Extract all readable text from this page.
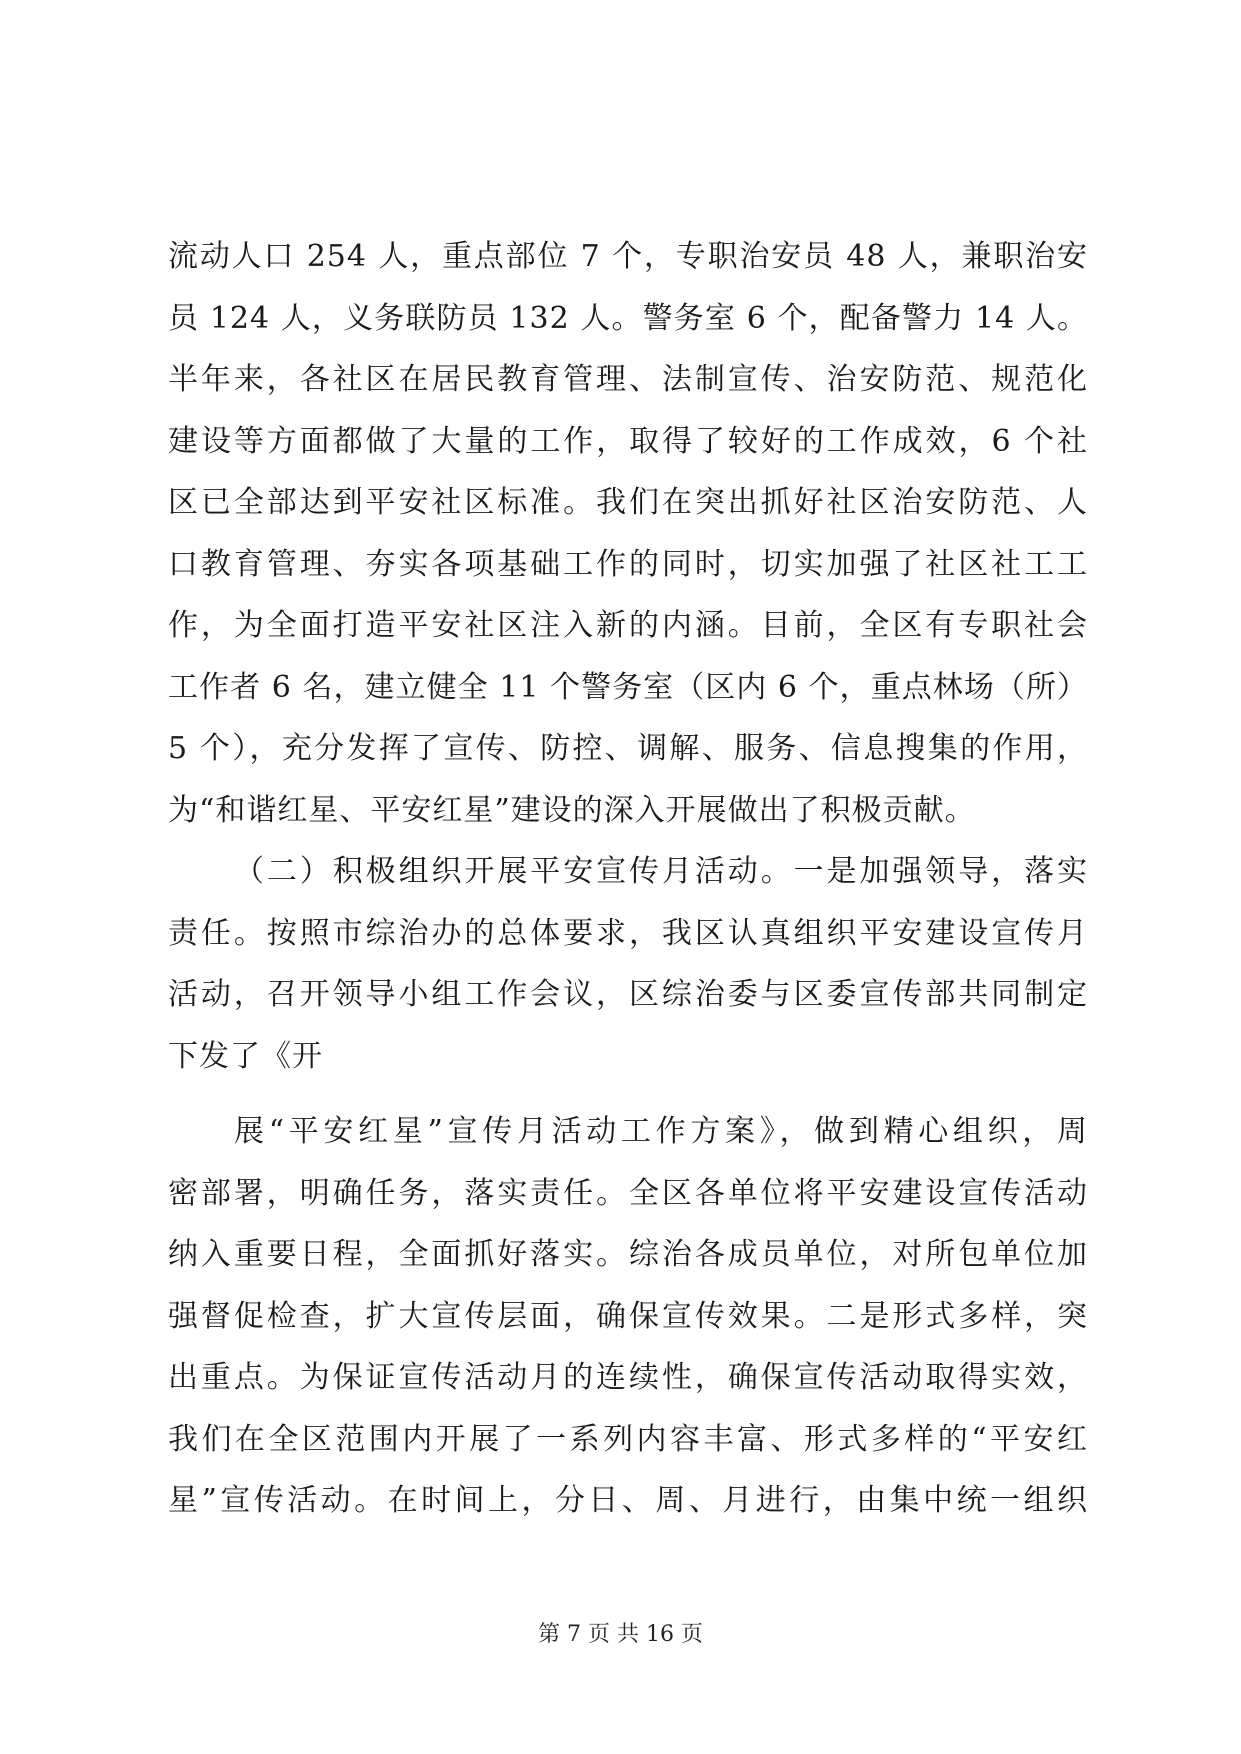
流动人口 254 人，重点部位 7 个，专职治安员 48 人，兼职治安
员 124 人，义务联防员 132 人。警务室 6 个，配备警力 14 人。
半年来，各社区在居民教育管理、法制宣传、治安防范、规范化
建设等方面都做了大量的工作，取得了较好的工作成效，6 个社
区已全部达到平安社区标准。我们在突出抓好社区治安防范、人
口教育管理、夯实各项基础工作的同时，切实加强了社区社工工
作，为全面打造平安社区注入新的内涵。目前，全区有专职社会
工作者 6 名，建立健全 11 个警务室（区内 6 个，重点林场（所）
5 个），充分发挥了宣传、防控、调解、服务、信息搜集的作用，
为“和谐红星、平安红星”建设的深入开展做出了积极贡献。
（二）积极组织开展平安宣传月活动。一是加强领导，落实
责任。按照市综治办的总体要求，我区认真组织平安建设宣传月
活动，召开领导小组工作会议，区综治委与区委宣传部共同制定
下发了《开
展“平安红星”宣传月活动工作方案》，做到精心组织，周
密部署，明确任务，落实责任。全区各单位将平安建设宣传活动
纳入重要日程，全面抓好落实。综治各成员单位，对所包单位加
强督促检查，扩大宣传层面，确保宣传效果。二是形式多样，突
出重点。为保证宣传活动月的连续性，确保宣传活动取得实效，
我们在全区范围内开展了一系列内容丰富、形式多样的“平安红
星”宣传活动。在时间上，分日、周、月进行，由集中统一组织
第 7 页 共 16 页
